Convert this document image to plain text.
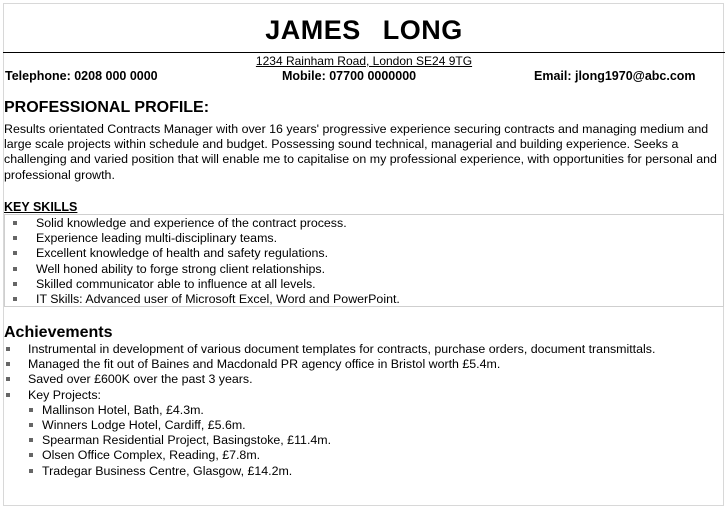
JAMES LONG
1234 Rainham Road, London SE24 9TG
Telephone: 0208 000 0000	Mobile: 07700 0000000	Email: jlong1970@abc.com
PROFESSIONAL PROFILE:
Results orientated Contracts Manager with over 16 years' progressive experience securing contracts and managing medium and large scale projects within schedule and budget. Possessing sound technical, managerial and building experience. Seeks a challenging and varied position that will enable me to capitalise on my professional experience, with opportunities for personal and professional growth.
KEY SKILLS
Solid knowledge and experience of the contract process.
Experience leading multi-disciplinary teams.
Excellent knowledge of health and safety regulations.
Well honed ability to forge strong client relationships.
Skilled communicator able to influence at all levels.
IT Skills: Advanced user of Microsoft Excel, Word and PowerPoint.
Achievements
Instrumental in development of various document templates for contracts, purchase orders, document transmittals.
Managed the fit out of Baines and Macdonald PR agency office in Bristol worth £5.4m.
Saved over £600K over the past 3 years.
Key Projects:
Mallinson Hotel, Bath, £4.3m.
Winners Lodge Hotel, Cardiff, £5.6m.
Spearman Residential Project, Basingstoke, £11.4m.
Olsen Office Complex, Reading, £7.8m.
Tradegar Business Centre, Glasgow, £14.2m.
